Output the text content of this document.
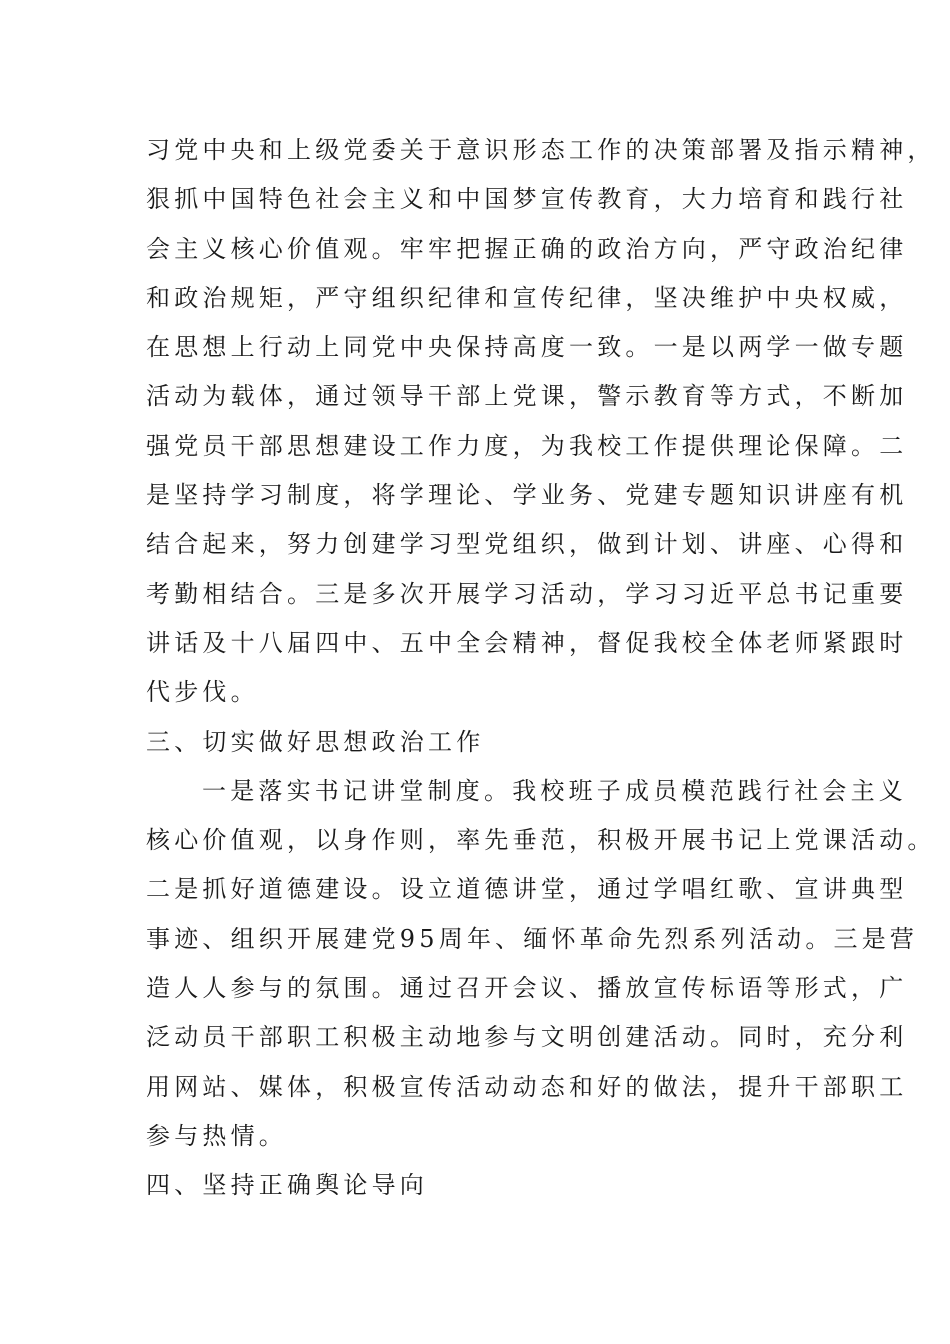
习党中央和上级党委关于意识形态工作的决策部署及指示精神，
狠抓中国特色社会主义和中国梦宣传教育，大力培育和践行社
会主义核心价值观。牢牢把握正确的政治方向，严守政治纪律
和政治规矩，严守组织纪律和宣传纪律，坚决维护中央权威，
在思想上行动上同党中央保持高度一致。一是以两学一做专题
活动为载体，通过领导干部上党课，警示教育等方式，不断加
强党员干部思想建设工作力度，为我校工作提供理论保障。二
是坚持学习制度，将学理论、学业务、党建专题知识讲座有机
结合起来，努力创建学习型党组织，做到计划、讲座、心得和
考勤相结合。三是多次开展学习活动，学习习近平总书记重要
讲话及十八届四中、五中全会精神，督促我校全体老师紧跟时
代步伐。
三、切实做好思想政治工作
一是落实书记讲堂制度。我校班子成员模范践行社会主义
核心价值观，以身作则，率先垂范，积极开展书记上党课活动。
二是抓好道德建设。设立道德讲堂，通过学唱红歌、宣讲典型
事迹、组织开展建党95周年、缅怀革命先烈系列活动。三是营
造人人参与的氛围。通过召开会议、播放宣传标语等形式，广
泛动员干部职工积极主动地参与文明创建活动。同时，充分利
用网站、媒体，积极宣传活动动态和好的做法，提升干部职工
参与热情。
四、坚持正确舆论导向
